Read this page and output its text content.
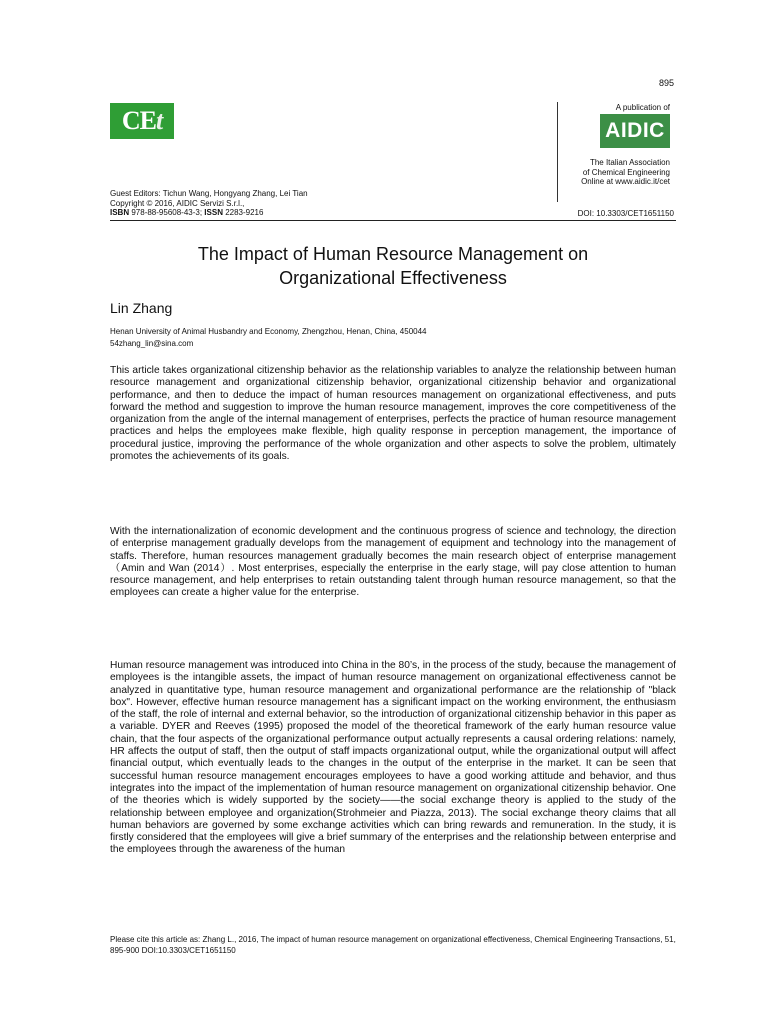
895
CEt	A publication of
AIDIC
The Italian Association
of Chemical Engineering
Online at www.aidic.it/cet
Guest Editors: Tichun Wang, Hongyang Zhang, Lei Tian
Copyright © 2016, AIDIC Servizi S.r.l.,
ISBN 978-88-95608-43-3; ISSN 2283-9216	DOI: 10.3303/CET1651150
The Impact of Human Resource Management on
Organizational Effectiveness
Lin Zhang
Henan University of Animal Husbandry and Economy, Zhengzhou, Henan, China, 450044
54zhang_lin@sina.com

This article takes organizational citizenship behavior as the relationship variables to analyze the relationship between human resource management and organizational citizenship behavior, organizational citizenship behavior and organizational performance, and then to deduce the impact of human resources management on organizational effectiveness, and puts forward the method and suggestion to improve the human resource management, improves the core competitiveness of the organization from the angle of the internal management of enterprises, perfects the practice of human resource management practices and helps the employees make flexible, high quality response in perception management, the importance of procedural justice, improving the performance of the whole organization and other aspects to solve the problem, ultimately promotes the achievements of its goals.

With the internationalization of economic development and the continuous progress of science and technology, the direction of enterprise management gradually develops from the management of equipment and technology into the management of staffs. Therefore, human resources management gradually becomes the main research object of enterprise management（Amin and Wan (2014）. Most enterprises, especially the enterprise in the early stage, will pay close attention to human resource management, and help enterprises to retain outstanding talent through human resource management, so that the employees can create a higher value for the enterprise.

Human resource management was introduced into China in the 80’s, in the process of the study, because the management of employees is the intangible assets, the impact of human resource management on organizational effectiveness cannot be analyzed in quantitative type, human resource management and organizational performance are the relationship of "black box". However, effective human resource management has a significant impact on the working environment, the enthusiasm of the staff, the role of internal and external behavior, so the introduction of organizational citizenship behavior in this paper as a variable. DYER and Reeves (1995) proposed the model of the theoretical framework of the early human resource value chain, that the four aspects of the organizational performance output actually represents a causal ordering relations: namely, HR affects the output of staff, then the output of staff impacts organizational output, while the organizational output will affect financial output, which eventually leads to the changes in the output of the enterprise in the market. It can be seen that successful human resource management encourages employees to have a good working attitude and behavior, and thus integrates into the impact of the implementation of human resource management on organizational citizenship behavior. One of the theories which is widely supported by the society——the social exchange theory is applied to the study of the relationship between employee and organization(Strohmeier and Piazza, 2013). The social exchange theory claims that all human behaviors are governed by some exchange activities which can bring rewards and remuneration. In the study, it is firstly considered that the employees will give a brief summary of the enterprises and the relationship between enterprise and the employees through the awareness of the human

Please cite this article as: Zhang L., 2016, The impact of human resource management on organizational effectiveness, Chemical Engineering Transactions, 51, 895-900 DOI:10.3303/CET1651150
